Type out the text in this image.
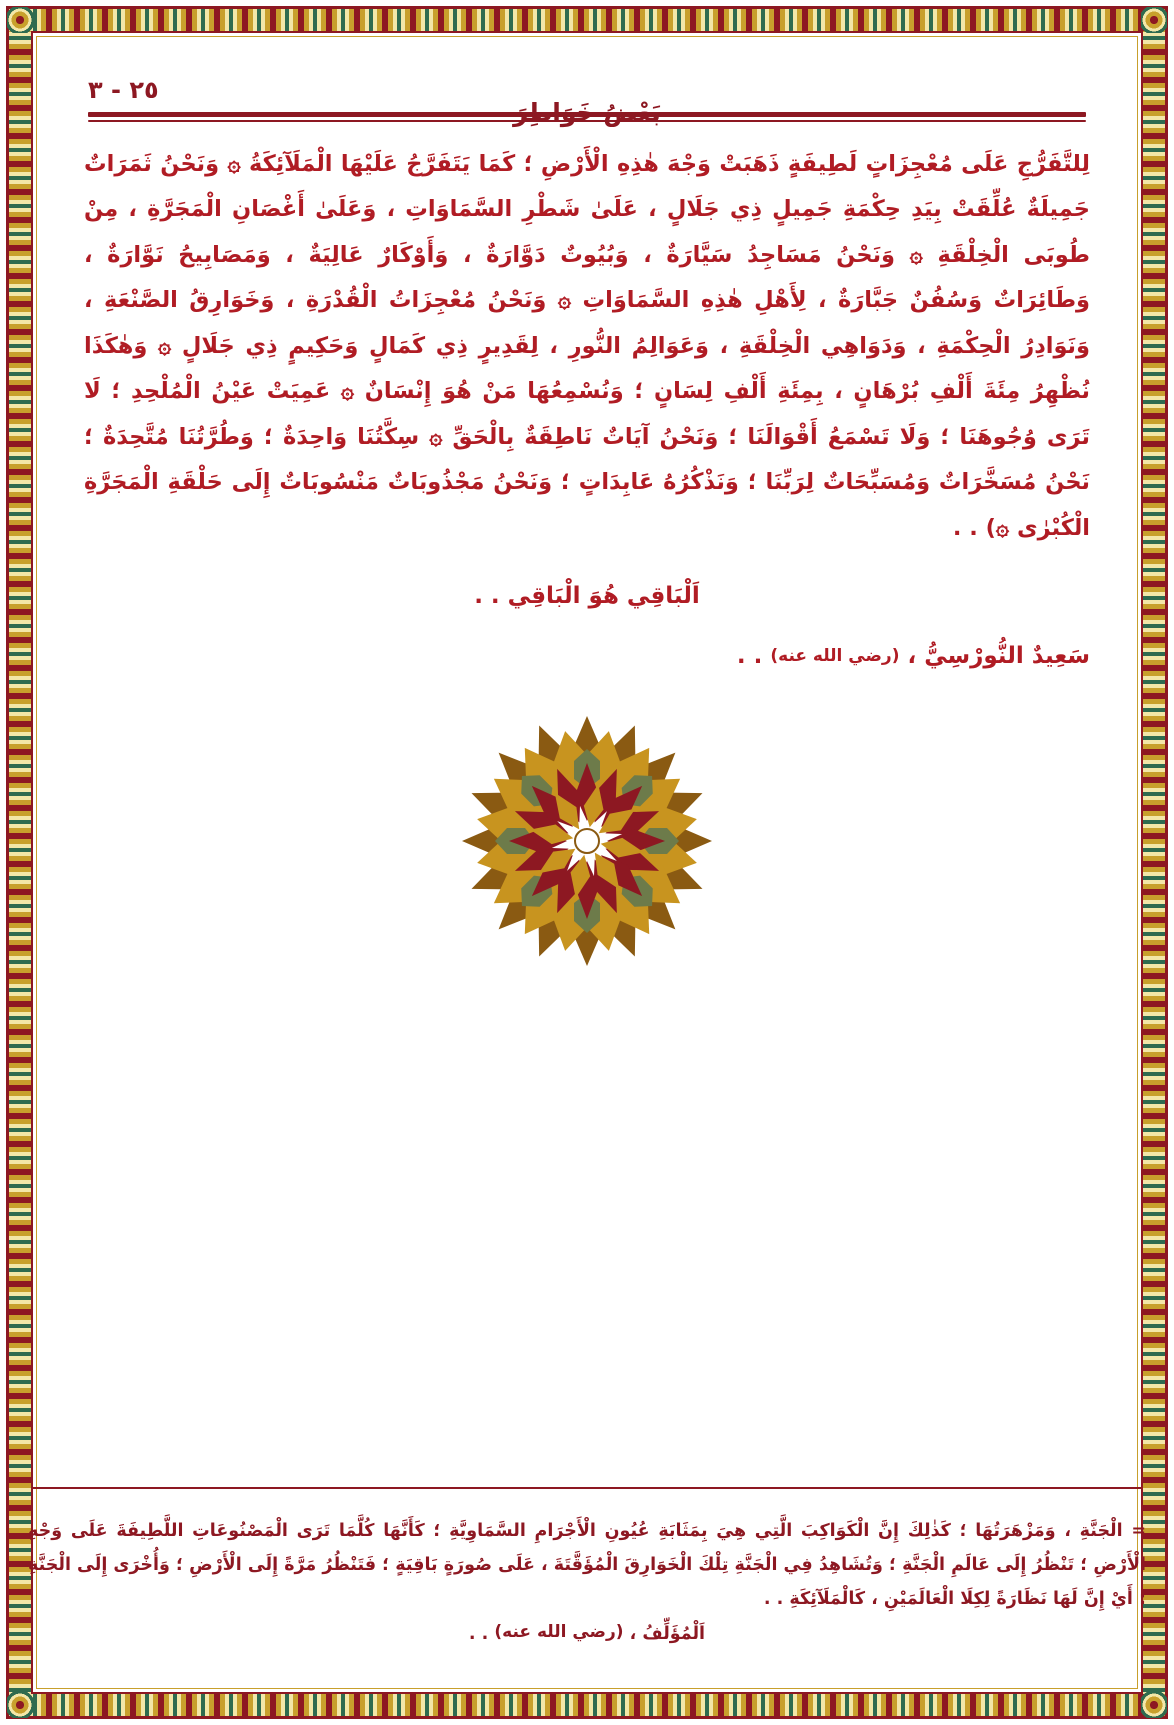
٣ - ٢٥
بَعْضُ خَوَاطِرَ

لِلتَّفَرُّجِ عَلَى مُعْجِزَاتٍ لَطِيفَةٍ ذَهَبَتْ وَجْهَ هٰذِهِ الْأَرْضِ ؛ كَمَا يَتَفَرَّجُ عَلَيْهَا الْمَلَآئِكَةُ ۞ وَنَحْنُ ثَمَرَاتٌ جَمِيلَةٌ عُلِّقَتْ بِيَدِ حِكْمَةِ جَمِيلٍ ذِي جَلَالٍ ، عَلَىٰ شَطْرِ السَّمَاوَاتِ ، وَعَلَىٰ أَغْصَانِ الْمَجَرَّةِ ، مِنْ طُوبَى الْخِلْقَةِ ۞ وَنَحْنُ مَسَاجِدُ سَيَّارَةٌ ، وَبُيُوتٌ دَوَّارَةٌ ، وَأَوْكَارٌ عَالِيَةٌ ، وَمَصَابِيحُ نَوَّارَةٌ ، وَطَائِرَاتٌ وَسُفُنٌ جَبَّارَةٌ ، لِأَهْلِ هٰذِهِ السَّمَاوَاتِ ۞ وَنَحْنُ مُعْجِزَاتُ الْقُدْرَةِ ، وَخَوَارِقُ الصَّنْعَةِ ، وَنَوَادِرُ الْحِكْمَةِ ، وَدَوَاهِي الْخِلْقَةِ ، وَعَوَالِمُ النُّورِ ، لِقَدِيرٍ ذِي كَمَالٍ وَحَكِيمٍ ذِي جَلَالٍ ۞ وَهٰكَذَا نُظْهِرُ مِئَةَ أَلْفِ بُرْهَانٍ ، بِمِئَةِ أَلْفِ لِسَانٍ ؛ وَنُسْمِعُهَا مَنْ هُوَ إِنْسَانٌ ۞ عَمِيَتْ عَيْنُ الْمُلْحِدِ ؛ لَا تَرَى وُجُوهَنَا ؛ وَلَا تَسْمَعُ أَقْوَالَنَا ؛ وَنَحْنُ آيَاتٌ نَاطِقَةٌ بِالْحَقِّ ۞ سِكَّتُنَا وَاحِدَةٌ ؛ وَطُرَّتُنَا مُتَّحِدَةٌ ؛ نَحْنُ مُسَخَّرَاتٌ وَمُسَبِّحَاتٌ لِرَبِّنَا ؛ وَنَذْكُرُهُ عَابِدَاتٍ ؛ وَنَحْنُ مَجْذُوبَاتٌ مَنْسُوبَاتٌ إِلَى حَلْقَةِ الْمَجَرَّةِ الْكُبْرٰى ۞) . .

اَلْبَاقِي هُوَ الْبَاقِي . .
سَعِيدٌ النُّورْسِيُّ ، (رضي الله عنه) . .
= الْجَنَّةِ ، وَمَزْهَرَتُهَا ؛ كَذٰلِكَ إِنَّ الْكَوَاكِبَ الَّتِي هِيَ بِمَثَابَةِ عُيُونِ الْأَجْرَامِ السَّمَاوِيَّةِ ؛ كَأَنَّهَا كُلَّمَا تَرَى الْمَصْنُوعَاتِ اللَّطِيفَةَ عَلَى وَجْهِ الْأَرْضِ ؛ تَنْظُرُ إِلَى عَالَمِ الْجَنَّةِ ؛ وَتُشَاهِدُ فِي الْجَنَّةِ تِلْكَ الْخَوَارِقَ الْمُؤَقَّتَةَ ، عَلَى صُورَةٍ بَاقِيَةٍ ؛ فَتَنْظُرُ مَرَّةً إِلَى الْأَرْضِ ؛ وَأُخْرَى إِلَى الْجَنَّةِ : أَيْ إِنَّ لَهَا نَظَارَةً لِكِلَا الْعَالَمَيْنِ ، كَالْمَلَآئِكَةِ . .
اَلْمُؤَلِّفُ ، (رضي الله عنه) . .
